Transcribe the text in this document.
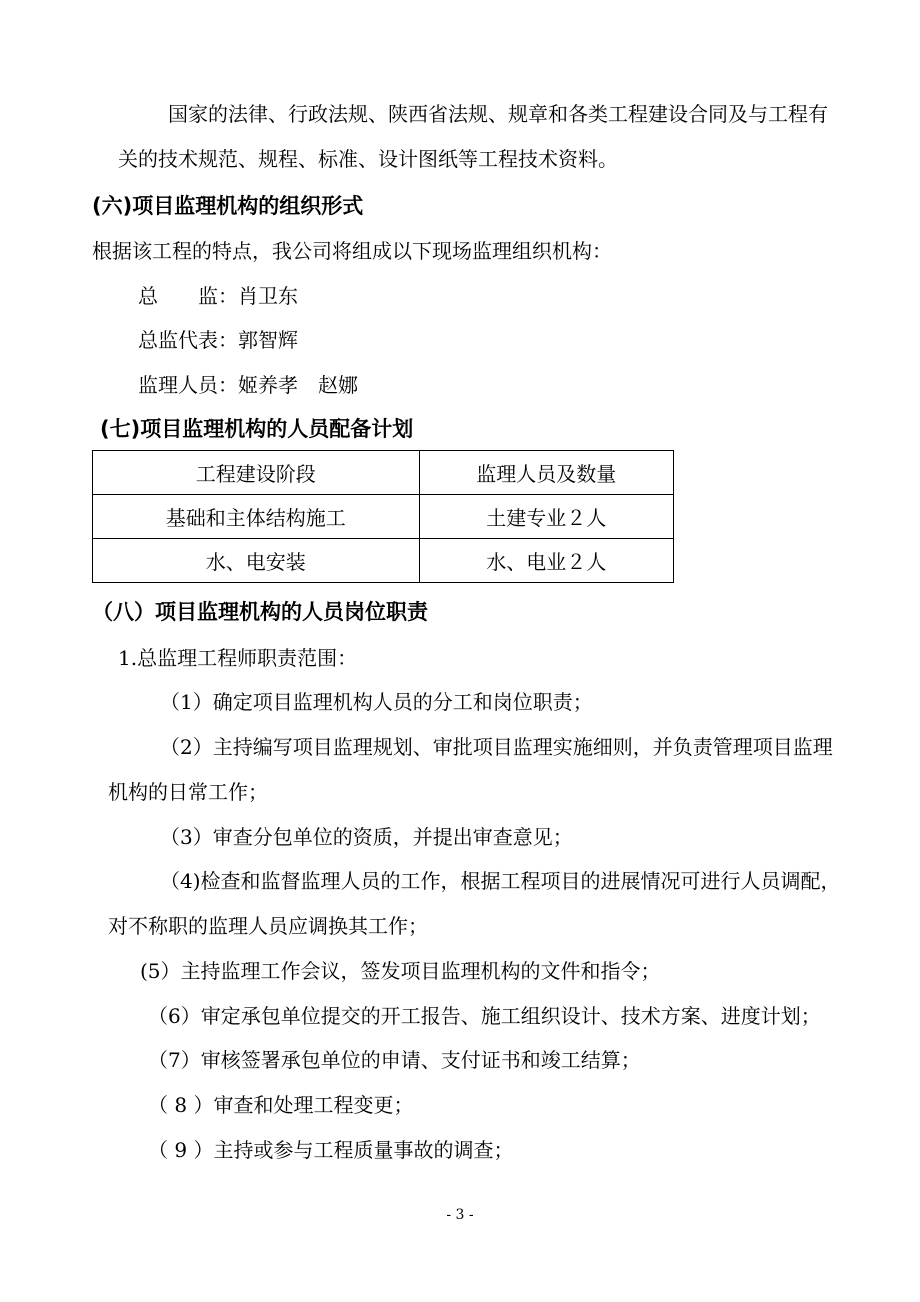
国家的法律、行政法规、陕西省法规、规章和各类工程建设合同及与工程有
关的技术规范、规程、标准、设计图纸等工程技术资料。
(六)项目监理机构的组织形式
根据该工程的特点，我公司将组成以下现场监理组织机构：
总　　监：肖卫东
总监代表：郭智辉
监理人员：姬养孝　赵娜
(七)项目监理机构的人员配备计划
工程建设阶段	监理人员及数量
基础和主体结构施工	土建专业２人
水、电安装	水、电业２人
（八）项目监理机构的人员岗位职责
1.总监理工程师职责范围：
（1）确定项目监理机构人员的分工和岗位职责；
（2）主持编写项目监理规划、审批项目监理实施细则，并负责管理项目监理
机构的日常工作；
（3）审查分包单位的资质，并提出审查意见；
（4)检查和监督监理人员的工作，根据工程项目的进展情况可进行人员调配，
对不称职的监理人员应调换其工作；
(5）主持监理工作会议，签发项目监理机构的文件和指令；
（6）审定承包单位提交的开工报告、施工组织设计、技术方案、进度计划；
（7）审核签署承包单位的申请、支付证书和竣工结算；
（ 8 ）审查和处理工程变更；
（ 9 ）主持或参与工程质量事故的调查；
- 3 -
